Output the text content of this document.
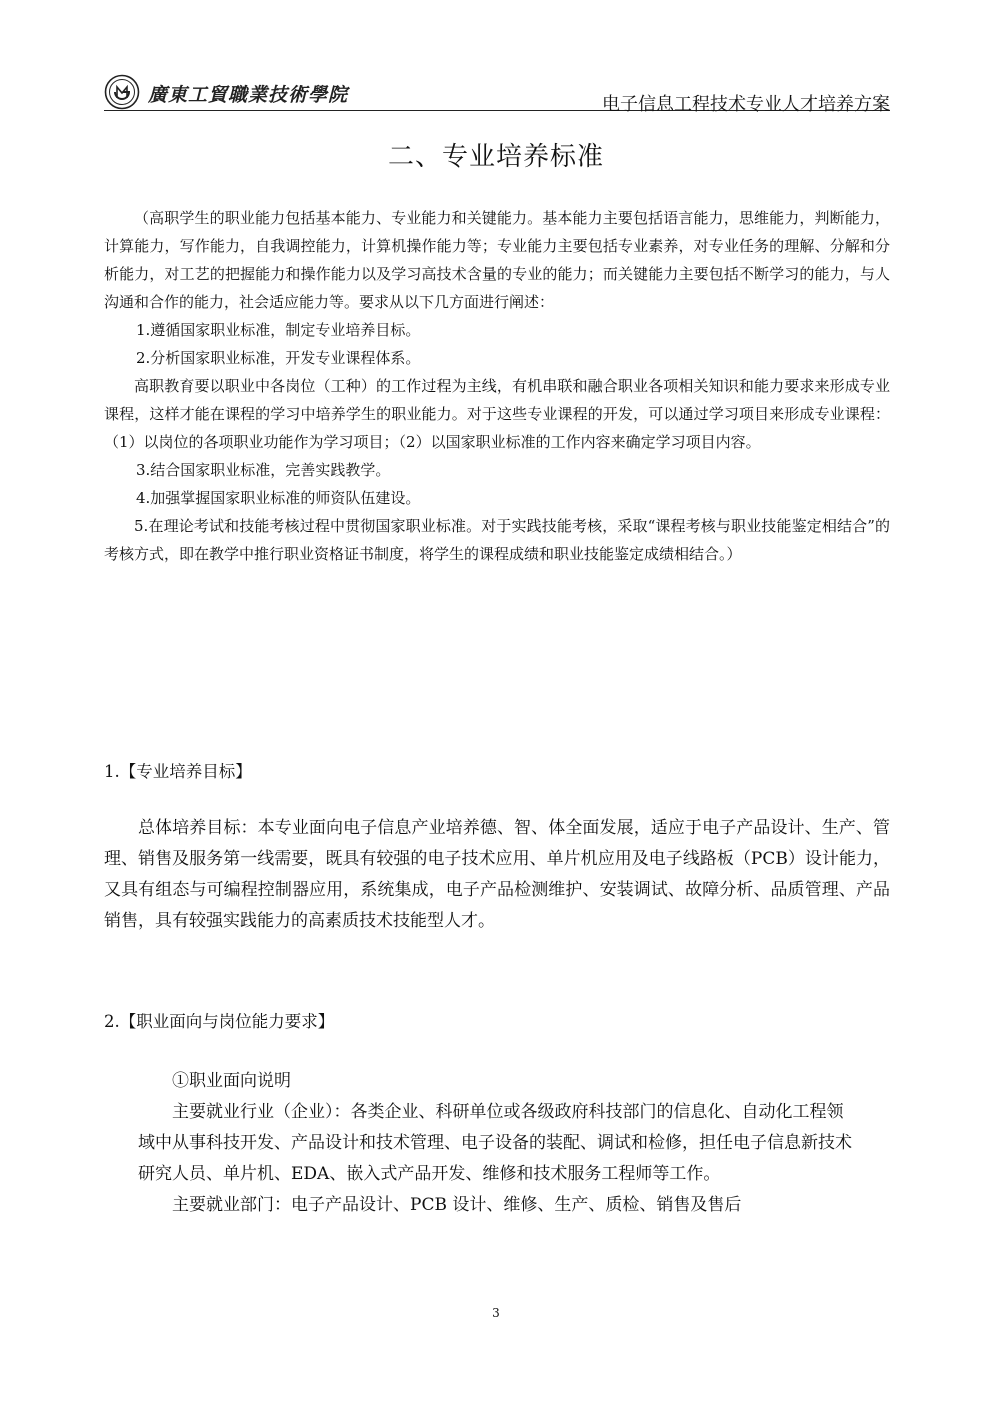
廣東工貿職業技術學院	电子信息工程技术专业人才培养方案
二、专业培养标准

（高职学生的职业能力包括基本能力、专业能力和关键能力。基本能力主要包括语言能力，思维能力，判断能力，计算能力，写作能力，自我调控能力，计算机操作能力等；专业能力主要包括专业素养，对专业任务的理解、分解和分析能力，对工艺的把握能力和操作能力以及学习高技术含量的专业的能力；而关键能力主要包括不断学习的能力，与人沟通和合作的能力，社会适应能力等。要求从以下几方面进行阐述：

1.遵循国家职业标准，制定专业培养目标。

2.分析国家职业标准，开发专业课程体系。

高职教育要以职业中各岗位（工种）的工作过程为主线，有机串联和融合职业各项相关知识和能力要求来形成专业课程，这样才能在课程的学习中培养学生的职业能力。对于这些专业课程的开发，可以通过学习项目来形成专业课程：（1）以岗位的各项职业功能作为学习项目；（2）以国家职业标准的工作内容来确定学习项目内容。

3.结合国家职业标准，完善实践教学。

4.加强掌握国家职业标准的师资队伍建设。

5.在理论考试和技能考核过程中贯彻国家职业标准。对于实践技能考核，采取“课程考核与职业技能鉴定相结合”的考核方式，即在教学中推行职业资格证书制度，将学生的课程成绩和职业技能鉴定成绩相结合。）

1.【专业培养目标】

总体培养目标：本专业面向电子信息产业培养德、智、体全面发展，适应于电子产品设计、生产、管理、销售及服务第一线需要，既具有较强的电子技术应用、单片机应用及电子线路板（PCB）设计能力，又具有组态与可编程控制器应用，系统集成，电子产品检测维护、安装调试、故障分析、品质管理、产品销售，具有较强实践能力的高素质技术技能型人才。

2.【职业面向与岗位能力要求】
①职业面向说明

主要就业行业（企业）：各类企业、科研单位或各级政府科技部门的信息化、自动化工程领域中从事科技开发、产品设计和技术管理、电子设备的装配、调试和检修，担任电子信息新技术研究人员、单片机、EDA、嵌入式产品开发、维修和技术服务工程师等工作。

主要就业部门：电子产品设计、PCB 设计、维修、生产、质检、销售及售后

3
